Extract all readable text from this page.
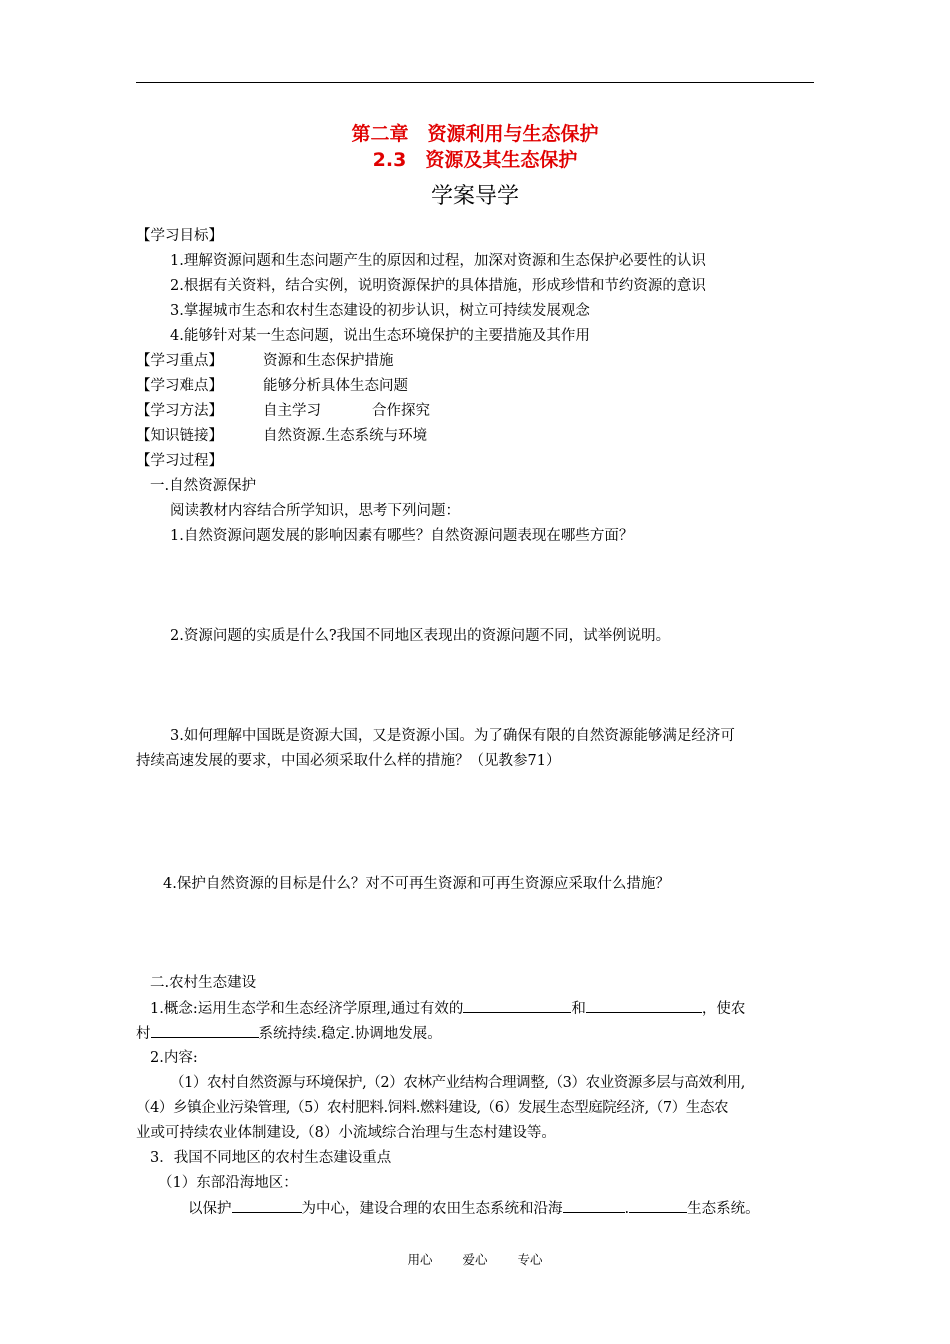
第二章　资源利用与生态保护
2.3　资源及其生态保护
学案导学
【学习目标】
1.理解资源问题和生态问题产生的原因和过程，加深对资源和生态保护必要性的认识
2.根据有关资料，结合实例，说明资源保护的具体措施，形成珍惜和节约资源的意识
3.掌握城市生态和农村生态建设的初步认识，树立可持续发展观念
4.能够针对某一生态问题，说出生态环境保护的主要措施及其作用
【学习重点】	资源和生态保护措施
【学习难点】	能够分析具体生态问题
【学习方法】	自主学习	合作探究
【知识链接】	自然资源.生态系统与环境
【学习过程】
一.自然资源保护
阅读教材内容结合所学知识，思考下列问题：
1.自然资源问题发展的影响因素有哪些？自然资源问题表现在哪些方面？
2.资源问题的实质是什么?我国不同地区表现出的资源问题不同，试举例说明。
3.如何理解中国既是资源大国，又是资源小国。为了确保有限的自然资源能够满足经济可
持续高速发展的要求，中国必须采取什么样的措施？（见教参71）
4.保护自然资源的目标是什么？对不可再生资源和可再生资源应采取什么措施？
二.农村生态建设
1.概念:运用生态学和生态经济学原理,通过有效的	和	，使农
村	系统持续.稳定.协调地发展。
2.内容:
（1）农村自然资源与环境保护,（2）农林产业结构合理调整,（3）农业资源多层与高效利用,
（4）乡镇企业污染管理,（5）农村肥料.饲料.燃料建设,（6）发展生态型庭院经济,（7）生态农
业或可持续农业体制建设,（8）小流域综合治理与生态村建设等。
3．我国不同地区的农村生态建设重点
（1）东部沿海地区：
以保护	为中心，建设合理的农田生态系统和沿海	.	生态系统。
用心 爱心 专心
